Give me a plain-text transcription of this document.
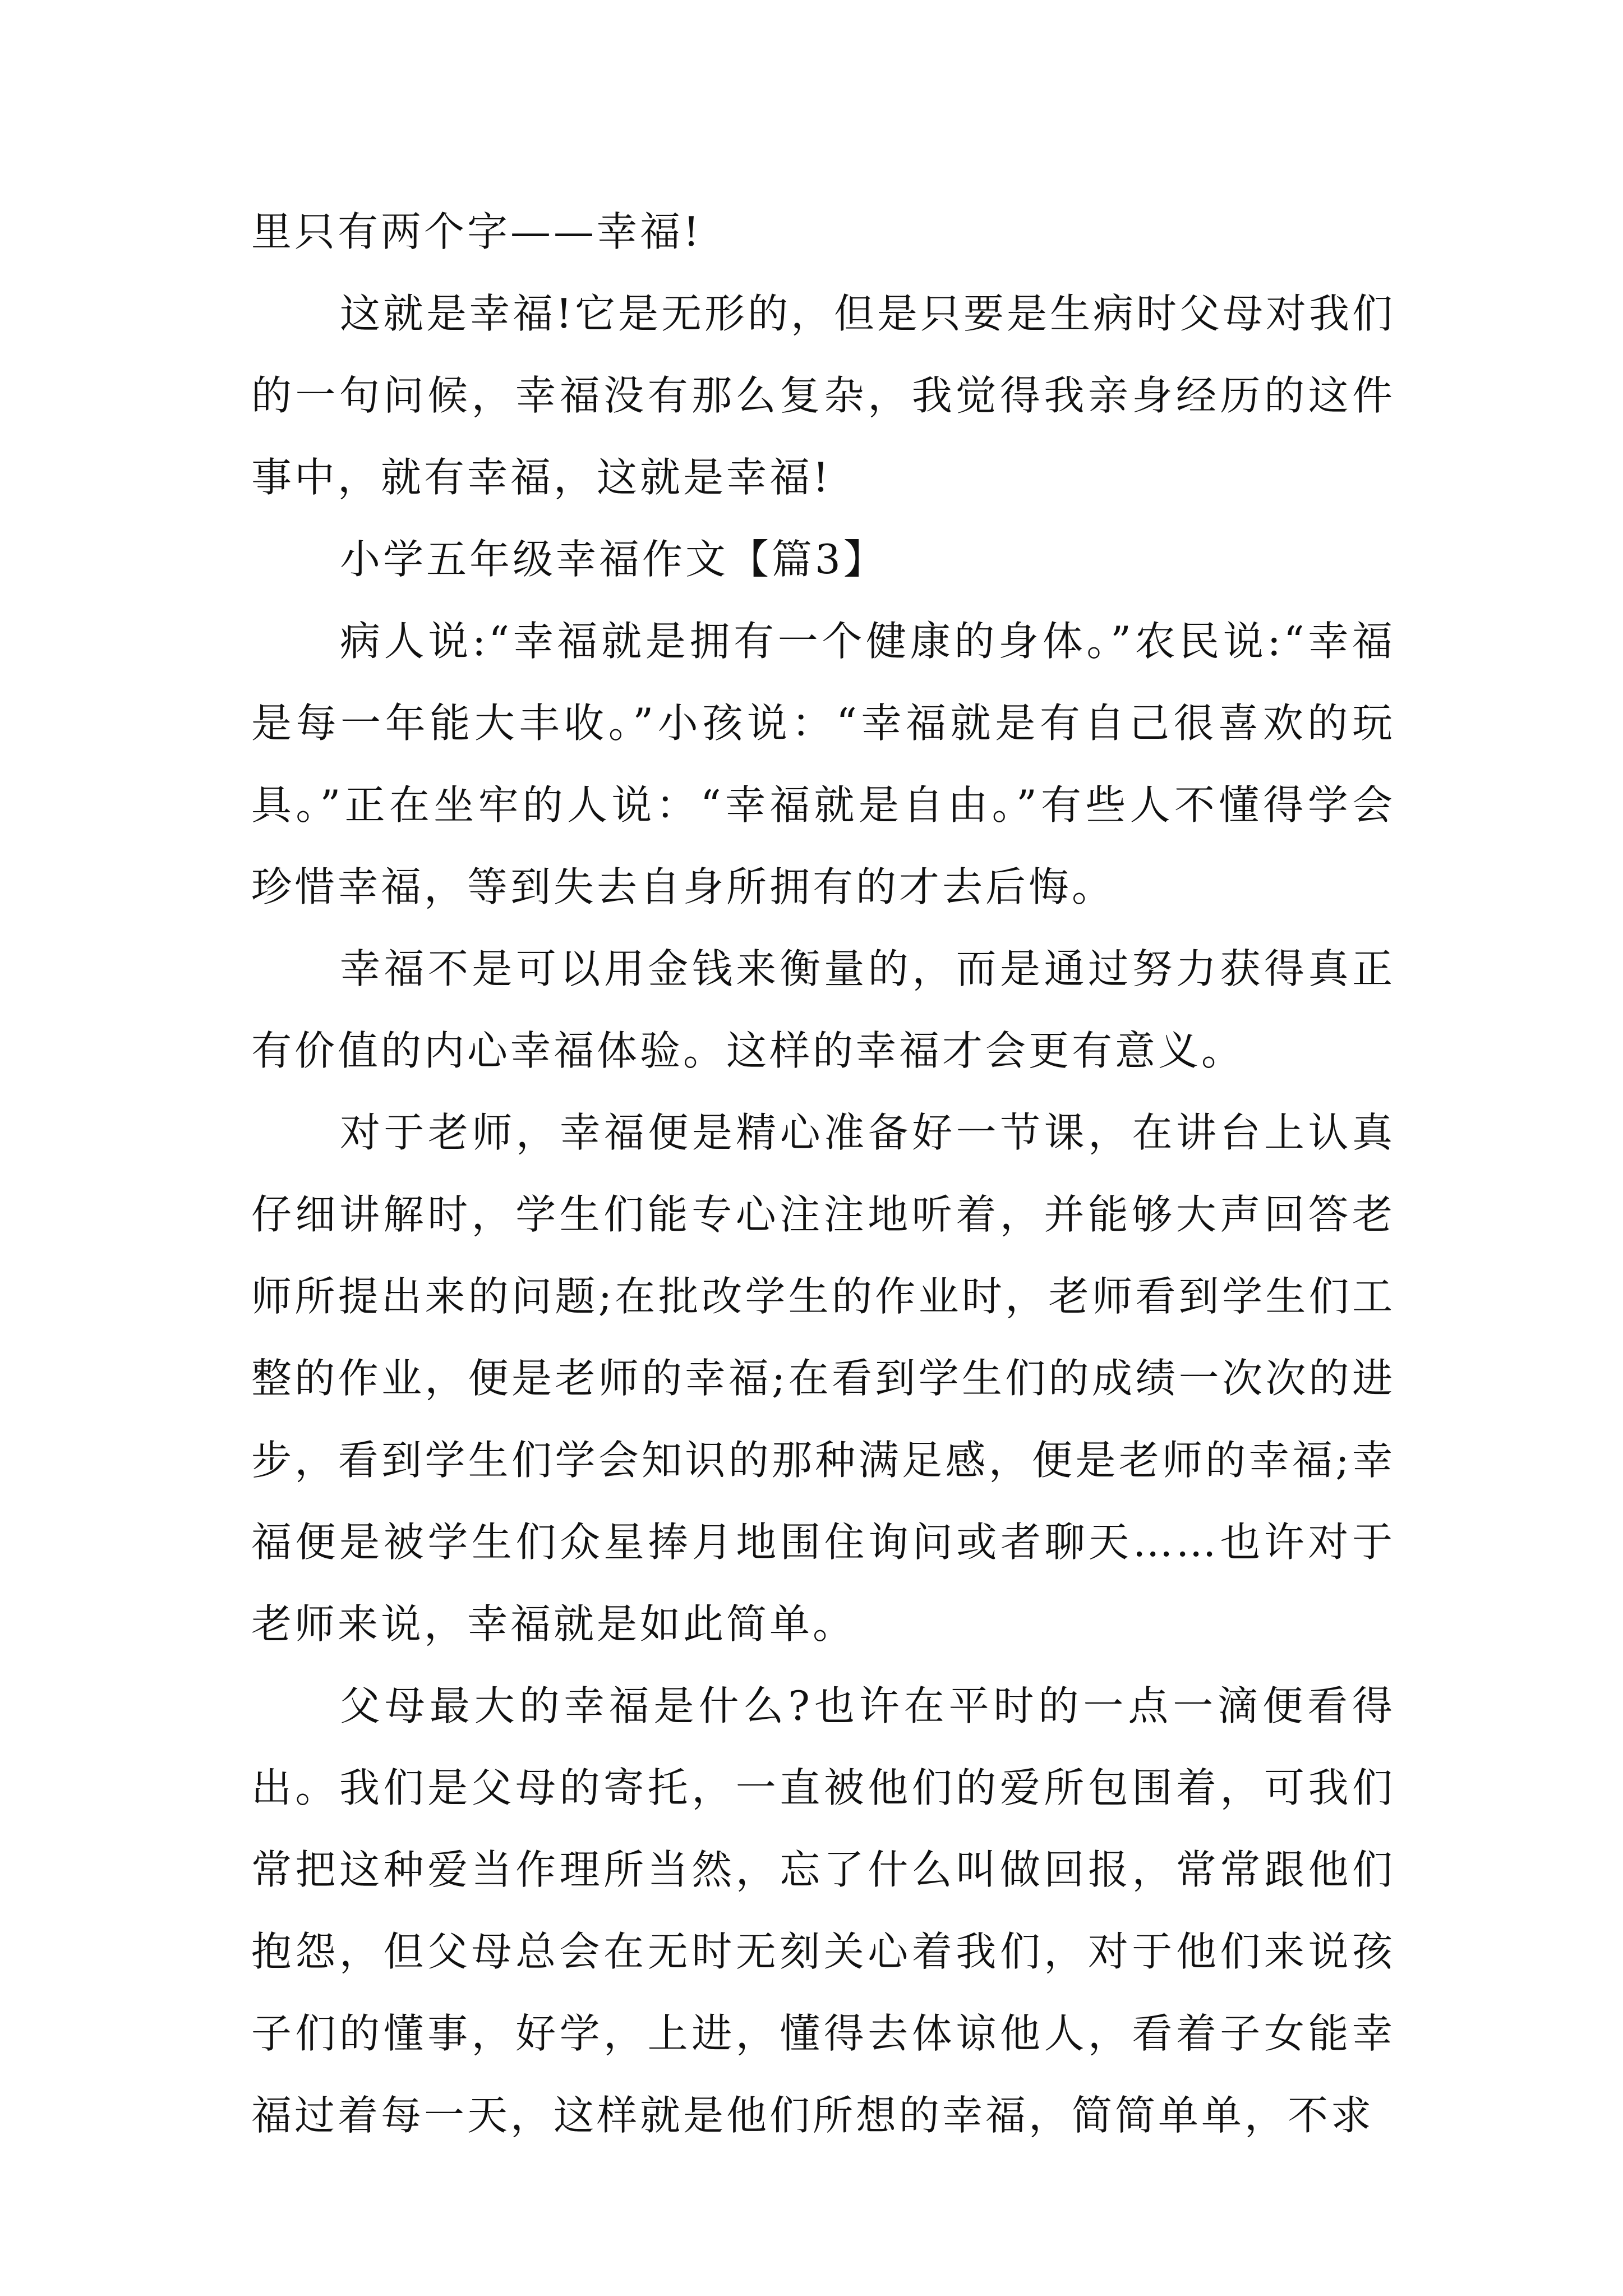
里只有两个字——幸福!

这就是幸福!它是无形的，但是只要是生病时父母对我们的一句问候，幸福没有那么复杂，我觉得我亲身经历的这件事中，就有幸福，这就是幸福!

小学五年级幸福作文【篇3】

病人说:“幸福就是拥有一个健康的身体。”农民说:“幸福是每一年能大丰收。”小孩说：“幸福就是有自己很喜欢的玩具。”正在坐牢的人说：“幸福就是自由。”有些人不懂得学会珍惜幸福，等到失去自身所拥有的才去后悔。

幸福不是可以用金钱来衡量的，而是通过努力获得真正有价值的内心幸福体验。这样的幸福才会更有意义。

对于老师，幸福便是精心准备好一节课，在讲台上认真仔细讲解时，学生们能专心注注地听着，并能够大声回答老师所提出来的问题;在批改学生的作业时，老师看到学生们工整的作业，便是老师的幸福;在看到学生们的成绩一次次的进步，看到学生们学会知识的那种满足感，便是老师的幸福;幸福便是被学生们众星捧月地围住询问或者聊天……也许对于老师来说，幸福就是如此简单。

父母最大的幸福是什么?也许在平时的一点一滴便看得出。我们是父母的寄托，一直被他们的爱所包围着，可我们常把这种爱当作理所当然，忘了什么叫做回报，常常跟他们抱怨，但父母总会在无时无刻关心着我们，对于他们来说孩子们的懂事，好学，上进，懂得去体谅他人，看着子女能幸福过着每一天，这样就是他们所想的幸福，简简单单，不求
